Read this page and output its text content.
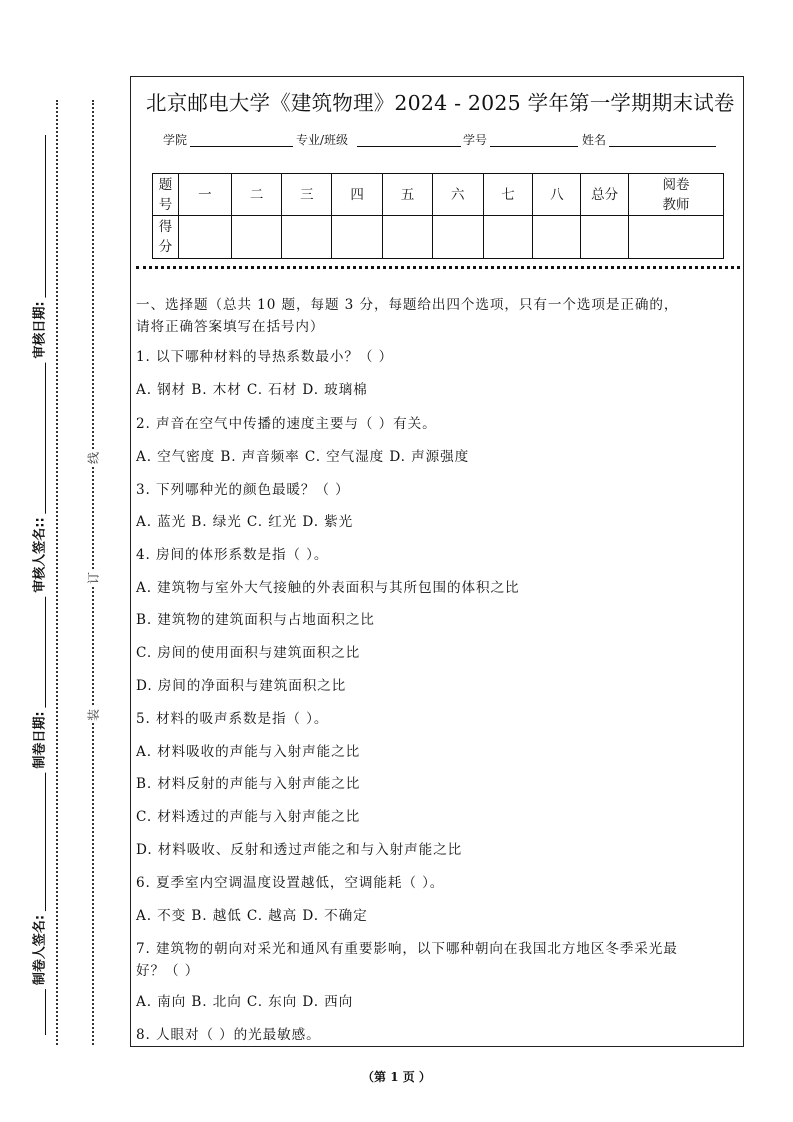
审核日期:
审核人签名::
制卷日期:
制卷人签名:
线
订
装
北京邮电大学《建筑物理》2024 - 2025 学年第一学期期末试卷
学院	专业/班级	学号	姓名
题号	一	二	三	四	五	六	七	八	总分	阅卷教师
得分										
一、选择题（总共 10 题，每题 3 分，每题给出四个选项，只有一个选项是正确的，
请将正确答案填写在括号内）
1. 以下哪种材料的导热系数最小？（ ）
A. 钢材 B. 木材 C. 石材 D. 玻璃棉
2. 声音在空气中传播的速度主要与（ ）有关。
A. 空气密度 B. 声音频率 C. 空气湿度 D. 声源强度
3. 下列哪种光的颜色最暖？（ ）
A. 蓝光 B. 绿光 C. 红光 D. 紫光
4. 房间的体形系数是指（ ）。
A. 建筑物与室外大气接触的外表面积与其所包围的体积之比
B. 建筑物的建筑面积与占地面积之比
C. 房间的使用面积与建筑面积之比
D. 房间的净面积与建筑面积之比
5. 材料的吸声系数是指（ ）。
A. 材料吸收的声能与入射声能之比
B. 材料反射的声能与入射声能之比
C. 材料透过的声能与入射声能之比
D. 材料吸收、反射和透过声能之和与入射声能之比
6. 夏季室内空调温度设置越低，空调能耗（ ）。
A. 不变 B. 越低 C. 越高 D. 不确定
7. 建筑物的朝向对采光和通风有重要影响，以下哪种朝向在我国北方地区冬季采光最
好？（ ）
A. 南向 B. 北向 C. 东向 D. 西向
8. 人眼对（ ）的光最敏感。
（第 1 页 ）
